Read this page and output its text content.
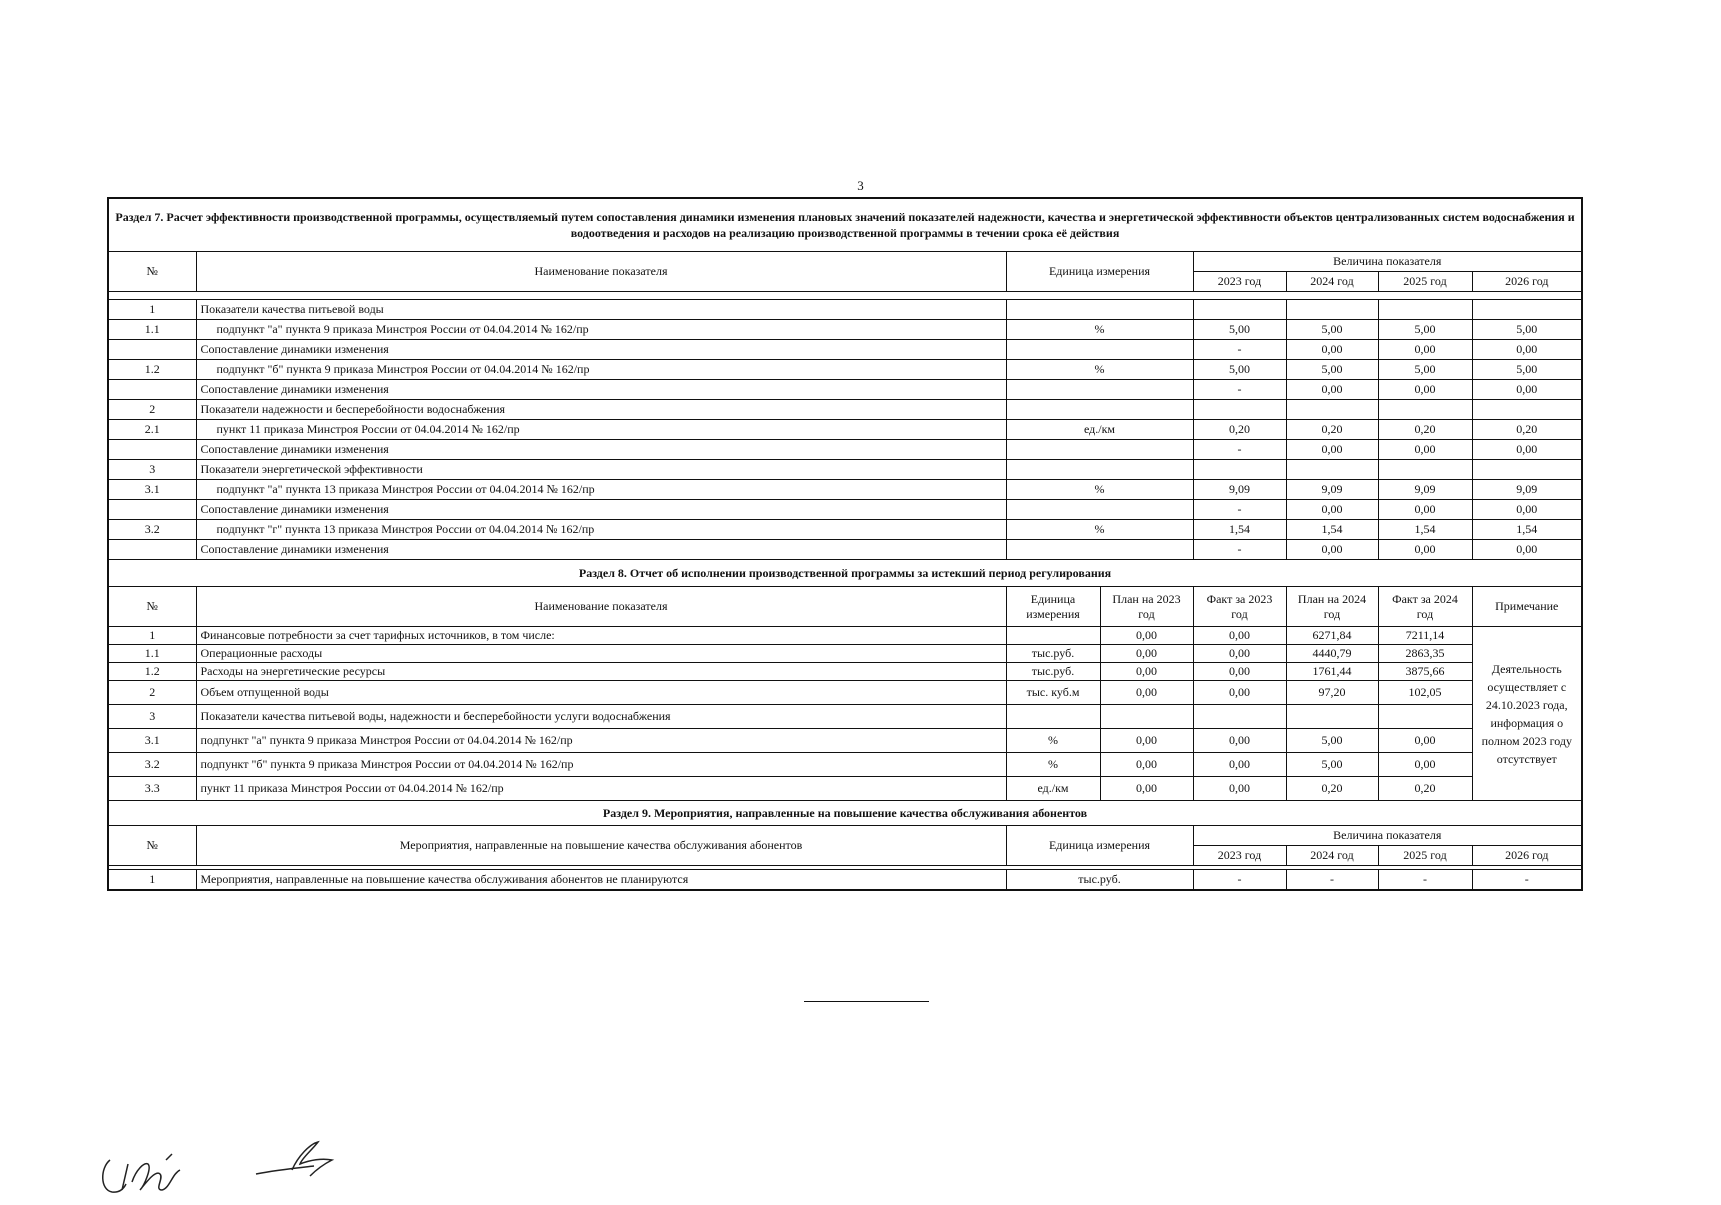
3
Раздел 7. Расчет эффективности производственной программы, осуществляемый путем сопоставления динамики изменения плановых значений показателей надежности, качества и энергетической эффективности объектов централизованных систем водоснабжения и водоотведения и расходов на реализацию производственной программы в течении срока её действия							
№	Наименование показателя	Единица измерения		Величина показателя			
				2023 год	2024 год	2025 год	2026 год

1	Показатели качества питьевой воды						
1.1	подпункт "а" пункта 9 приказа Минстроя России от 04.04.2014 № 162/пр	%		5,00	5,00	5,00	5,00
	Сопоставление динамики изменения			-	0,00	0,00	0,00
1.2	подпункт "б" пункта 9 приказа Минстроя России от 04.04.2014 № 162/пр	%		5,00	5,00	5,00	5,00
	Сопоставление динамики изменения			-	0,00	0,00	0,00
2	Показатели надежности и бесперебойности водоснабжения						
2.1	пункт 11 приказа Минстроя России от 04.04.2014 № 162/пр	ед./км		0,20	0,20	0,20	0,20
	Сопоставление динамики изменения			-	0,00	0,00	0,00
3	Показатели энергетической эффективности						
3.1	подпункт "а" пункта 13 приказа Минстроя России от 04.04.2014 № 162/пр	%		9,09	9,09	9,09	9,09
	Сопоставление динамики изменения			-	0,00	0,00	0,00
3.2	подпункт "г" пункта 13 приказа Минстроя России от 04.04.2014 № 162/пр	%		1,54	1,54	1,54	1,54
	Сопоставление динамики изменения			-	0,00	0,00	0,00
Раздел 8. Отчет об исполнении производственной программы за истекший период регулирования							
№	Наименование показателя	Единица измерения	План на 2023 год	Факт за 2023 год	План на 2024 год	Факт за 2024 год	Примечание
1	Финансовые потребности за счет тарифных источников, в том числе:		0,00	0,00	6271,84	7211,14	Деятельность осуществляет с 24.10.2023 года, информация о полном 2023 году отсутствует
1.1	Операционные расходы	тыс.руб.	0,00	0,00	4440,79	2863,35	
1.2	Расходы на энергетические ресурсы	тыс.руб.	0,00	0,00	1761,44	3875,66	
2	Объем отпущенной воды	тыс. куб.м	0,00	0,00	97,20	102,05	
3	Показатели качества питьевой воды, надежности и бесперебойности услуги водоснабжения						
3.1	подпункт "а" пункта 9 приказа Минстроя России от 04.04.2014 № 162/пр	%	0,00	0,00	5,00	0,00	
3.2	подпункт "б" пункта 9 приказа Минстроя России от 04.04.2014 № 162/пр	%	0,00	0,00	5,00	0,00	
3.3	пункт 11 приказа Минстроя России от 04.04.2014 № 162/пр	ед./км	0,00	0,00	0,20	0,20	
Раздел 9. Мероприятия, направленные на повышение качества обслуживания абонентов							
№	Мероприятия, направленные на повышение качества обслуживания абонентов	Единица измерения		Величина показателя			
				2023 год	2024 год	2025 год	2026 год

1	Мероприятия, направленные на повышение качества обслуживания абонентов не планируются	тыс.руб.		-	-	-	-
